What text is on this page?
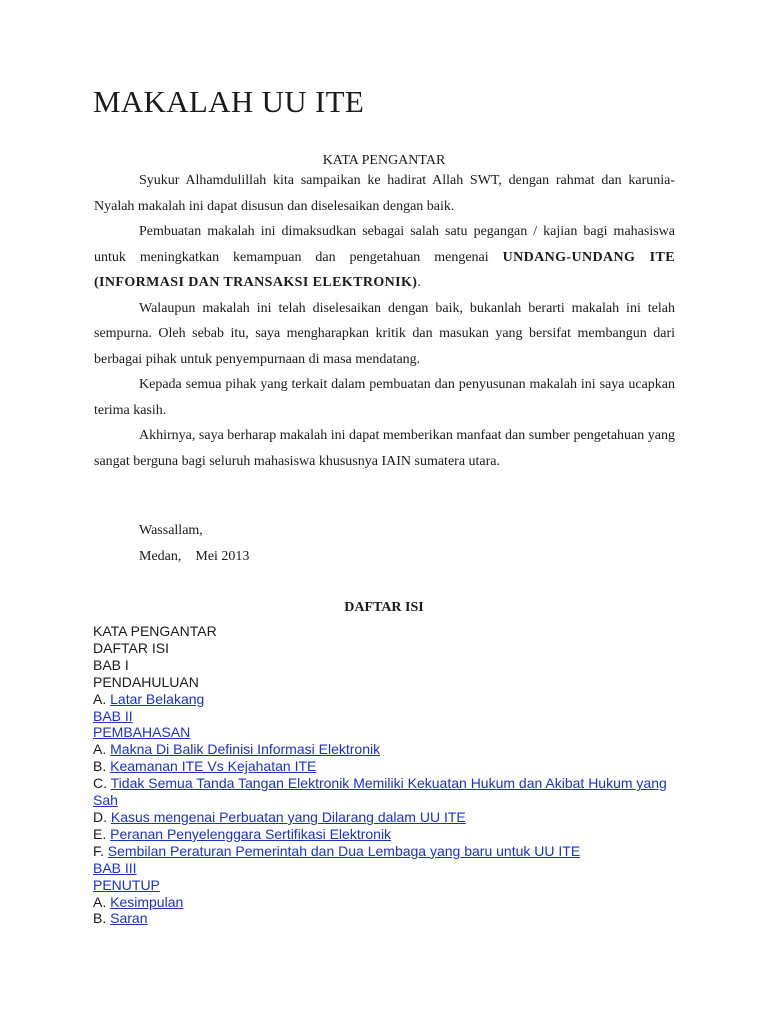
MAKALAH UU ITE
KATA PENGANTAR

Syukur Alhamdulillah kita sampaikan ke hadirat Allah SWT, dengan rahmat dan karunia-Nyalah makalah ini dapat disusun dan diselesaikan dengan baik.

Pembuatan makalah ini dimaksudkan sebagai salah satu pegangan / kajian bagi mahasiswa untuk meningkatkan kemampuan dan pengetahuan mengenai UNDANG-UNDANG ITE (INFORMASI DAN TRANSAKSI ELEKTRONIK).

Walaupun makalah ini telah diselesaikan dengan baik, bukanlah berarti makalah ini telah sempurna. Oleh sebab itu, saya mengharapkan kritik dan masukan yang bersifat membangun dari berbagai pihak untuk penyempurnaan di masa mendatang.

Kepada semua pihak yang terkait dalam pembuatan dan penyusunan makalah ini saya ucapkan terima kasih.

Akhirnya, saya berharap makalah ini dapat memberikan manfaat dan sumber pengetahuan yang sangat berguna bagi seluruh mahasiswa khususnya IAIN sumatera utara.

Wassallam,

Medan,    Mei 2013

DAFTAR ISI
KATA PENGANTAR
DAFTAR ISI
BAB I
PENDAHULUAN
A. Latar Belakang
BAB II
PEMBAHASAN
A. Makna Di Balik Definisi Informasi Elektronik
B. Keamanan ITE Vs Kejahatan ITE
C. Tidak Semua Tanda Tangan Elektronik Memiliki Kekuatan Hukum dan Akibat Hukum yang Sah
D. Kasus mengenai Perbuatan yang Dilarang dalam UU ITE
E. Peranan Penyelenggara Sertifikasi Elektronik
F. Sembilan Peraturan Pemerintah dan Dua Lembaga yang baru untuk UU ITE
BAB III
PENUTUP
A. Kesimpulan
B. Saran
